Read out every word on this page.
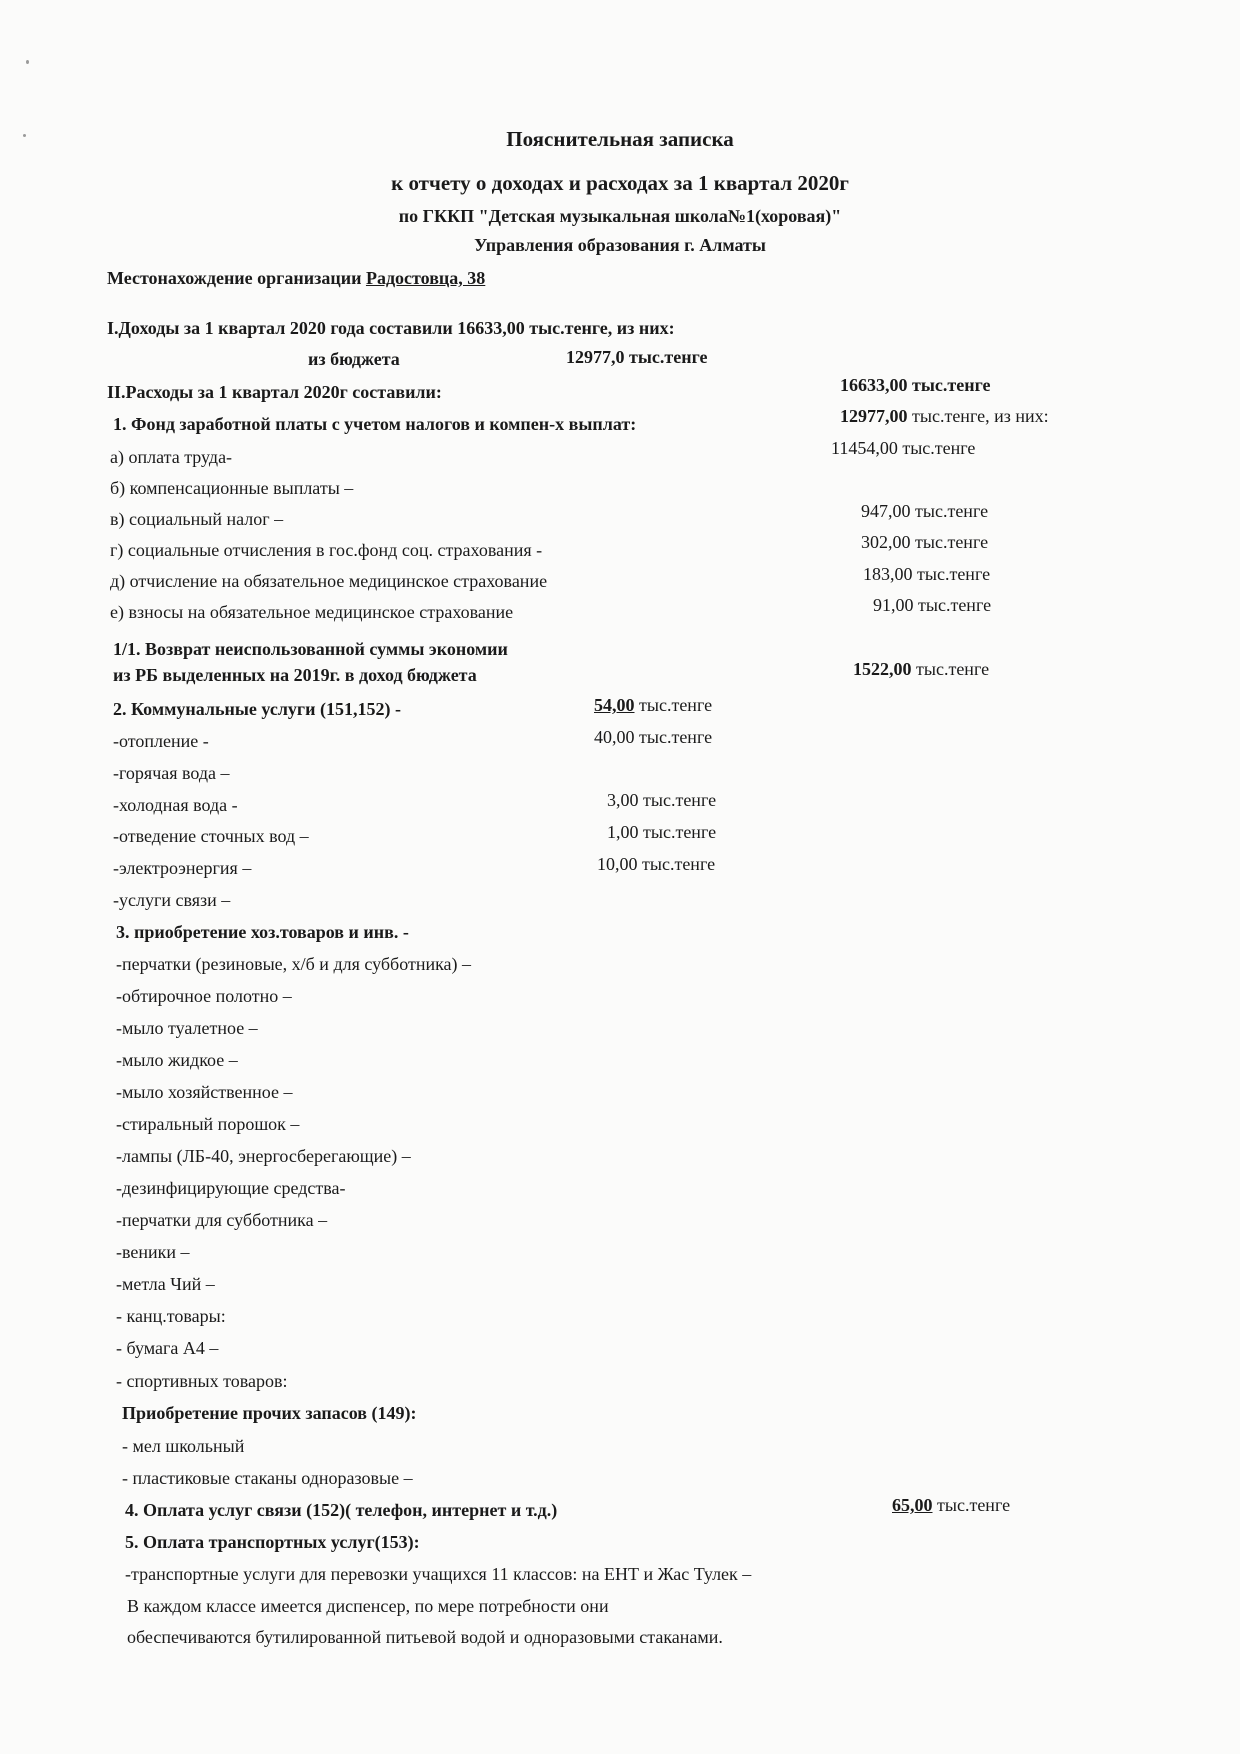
Пояснительная записка
к отчету о доходах и расходах за 1 квартал 2020г
по ГККП "Детская музыкальная школа№1(хоровая)"
Управления образования г. Алматы
Местонахождение организации Радостовца, 38
I.Доходы за 1 квартал 2020 года составили 16633,00 тыс.тенге, из них:
из бюджета	12977,0 тыс.тенге
II.Расходы за 1 квартал 2020г составили:	16633,00 тыс.тенге
1. Фонд заработной платы с учетом налогов и компен-х выплат:	12977,00 тыс.тенге, из них:
а) оплата труда-	11454,00 тыс.тенге
б) компенсационные выплаты –
в) социальный налог –	947,00 тыс.тенге
г) социальные отчисления в гос.фонд соц. страхования -	302,00 тыс.тенге
д) отчисление на обязательное медицинское страхование	183,00 тыс.тенге
е) взносы на обязательное медицинское страхование	91,00 тыс.тенге
1/1. Возврат неиспользованной суммы экономии
из РБ выделенных на 2019г. в доход бюджета	1522,00 тыс.тенге
2. Коммунальные услуги (151,152) -	54,00 тыс.тенге
-отопление -	40,00 тыс.тенге
-горячая вода –
-холодная вода -	3,00 тыс.тенге
-отведение сточных вод –	1,00 тыс.тенге
-электроэнергия –	10,00 тыс.тенге
-услуги связи –
3. приобретение хоз.товаров и инв. -
-перчатки (резиновые, х/б и для субботника) –
-обтирочное полотно –
-мыло туалетное –
-мыло жидкое –
-мыло хозяйственное –
-стиральный порошок –
-лампы (ЛБ-40, энергосберегающие) –
-дезинфицирующие средства-
-перчатки для субботника –
-веники –
-метла Чий –
- канц.товары:
- бумага А4 –
- спортивных товаров:
Приобретение прочих запасов (149):
- мел школьный
- пластиковые стаканы одноразовые –
4. Оплата услуг связи (152)( телефон, интернет и т.д.)	65,00 тыс.тенге
5. Оплата транспортных услуг(153):
-транспортные услуги для перевозки учащихся 11 классов: на ЕНТ и Жас Тулек –
В каждом классе имеется диспенсер, по мере потребности они
обеспечиваются бутилированной питьевой водой и одноразовыми стаканами.
